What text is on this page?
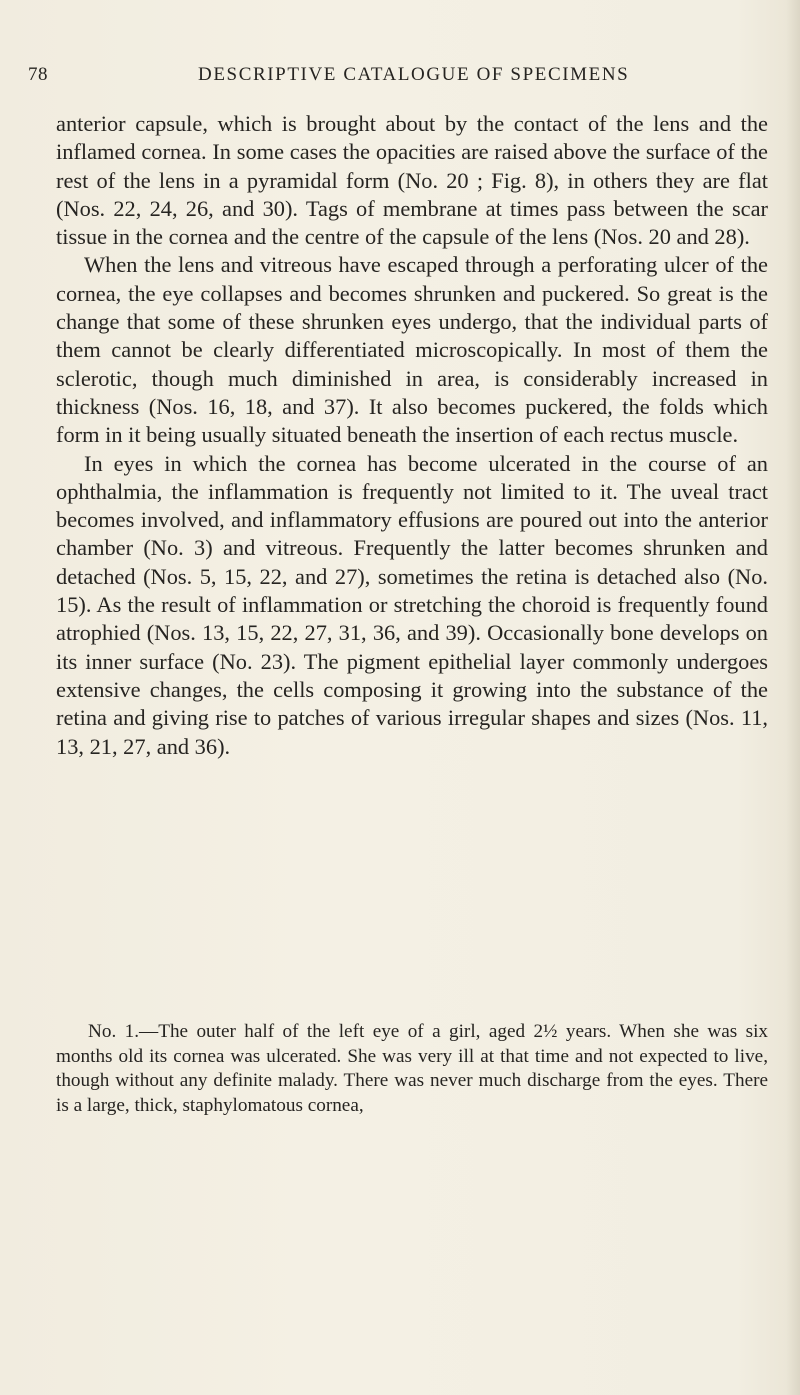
78	DESCRIPTIVE CATALOGUE OF SPECIMENS

anterior capsule, which is brought about by the contact of the lens and the inflamed cornea. In some cases the opacities are raised above the surface of the rest of the lens in a pyramidal form (No. 20 ; Fig. 8), in others they are flat (Nos. 22, 24, 26, and 30). Tags of membrane at times pass between the scar tissue in the cornea and the centre of the capsule of the lens (Nos. 20 and 28).

When the lens and vitreous have escaped through a perforating ulcer of the cornea, the eye collapses and becomes shrunken and puckered. So great is the change that some of these shrunken eyes undergo, that the individual parts of them cannot be clearly differentiated microscopically. In most of them the sclerotic, though much diminished in area, is considerably increased in thickness (Nos. 16, 18, and 37). It also becomes puckered, the folds which form in it being usually situated beneath the insertion of each rectus muscle.

In eyes in which the cornea has become ulcerated in the course of an ophthalmia, the inflammation is frequently not limited to it. The uveal tract becomes involved, and inflammatory effusions are poured out into the anterior chamber (No. 3) and vitreous. Frequently the latter becomes shrunken and detached (Nos. 5, 15, 22, and 27), sometimes the retina is detached also (No. 15). As the result of inflammation or stretching the choroid is frequently found atrophied (Nos. 13, 15, 22, 27, 31, 36, and 39). Occasionally bone develops on its inner surface (No. 23). The pigment epithelial layer commonly undergoes extensive changes, the cells composing it growing into the substance of the retina and giving rise to patches of various irregular shapes and sizes (Nos. 11, 13, 21, 27, and 36).

No. 1.—The outer half of the left eye of a girl, aged 2½ years. When she was six months old its cornea was ulcerated. She was very ill at that time and not expected to live, though without any definite malady. There was never much discharge from the eyes. There is a large, thick, staphylomatous cornea,
